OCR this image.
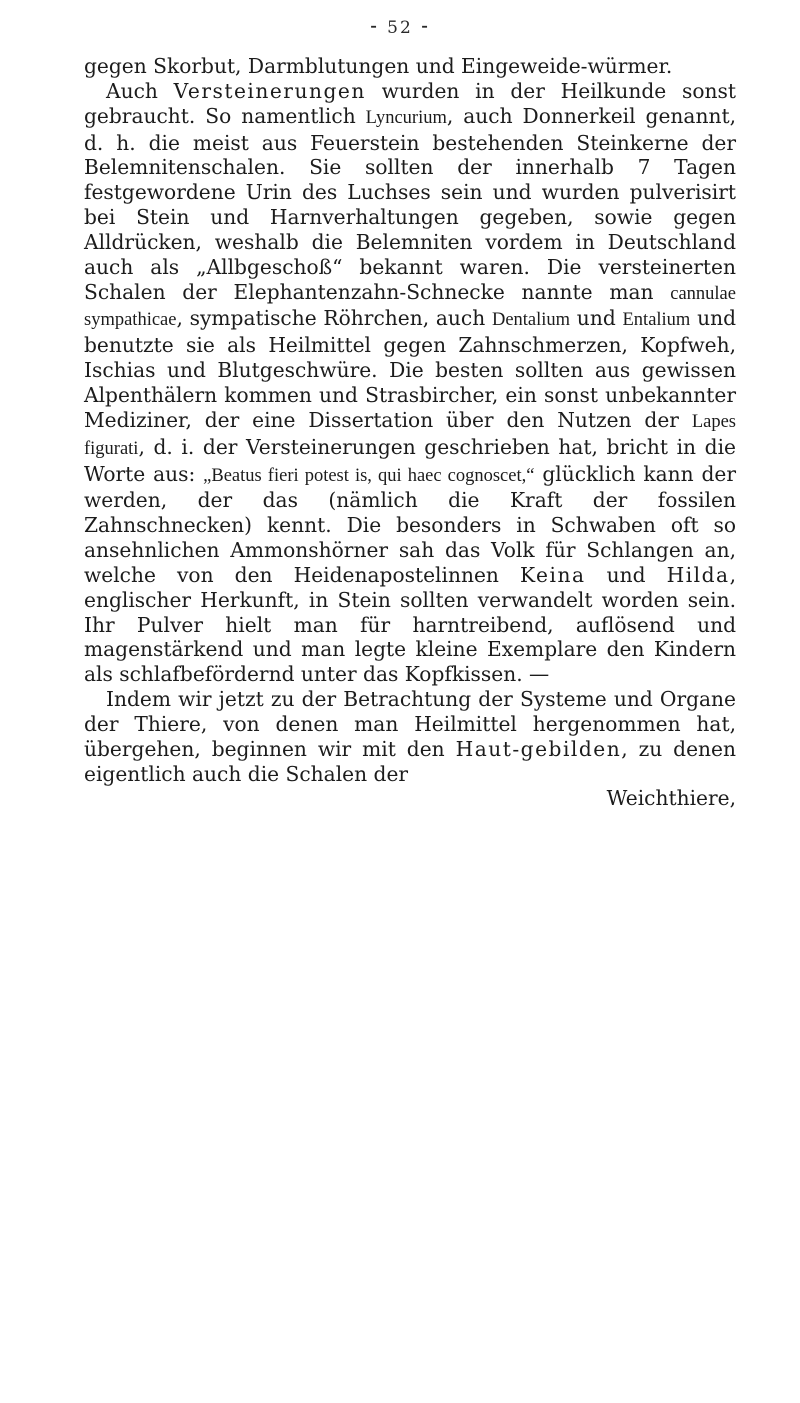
⁃ 52 ⁃

gegen Skorbut, Darmblutungen und Eingeweide-würmer.

Auch Versteinerungen wurden in der Heilkunde sonst gebraucht. So namentlich Lyncurium, auch Donnerkeil genannt, d. h. die meist aus Feuerstein bestehenden Steinkerne der Belemnitenschalen. Sie sollten der innerhalb 7 Tagen festgewordene Urin des Luchses sein und wurden pulverisirt bei Stein und Harnverhaltungen gegeben, sowie gegen Alldrücken, weshalb die Belemniten vordem in Deutschland auch als „Allbgeschoß“ bekannt waren. Die versteinerten Schalen der Elephantenzahn-Schnecke nannte man cannulae sympathicae, sympatische Röhrchen, auch Dentalium und Entalium und benutzte sie als Heilmittel gegen Zahnschmerzen, Kopfweh, Ischias und Blutgeschwüre. Die besten sollten aus gewissen Alpenthälern kommen und Strasbircher, ein sonst unbekannter Mediziner, der eine Dissertation über den Nutzen der Lapes figurati, d. i. der Versteinerungen geschrieben hat, bricht in die Worte aus: „Beatus fieri potest is, qui haec cognoscet,“ glücklich kann der werden, der das (nämlich die Kraft der fossilen Zahnschnecken) kennt. Die besonders in Schwaben oft so ansehnlichen Ammonshörner sah das Volk für Schlangen an, welche von den Heidenapostelinnen Keina und Hilda, englischer Herkunft, in Stein sollten verwandelt worden sein. Ihr Pulver hielt man für harntreibend, auflösend und magenstärkend und man legte kleine Exemplare den Kindern als schlafbefördernd unter das Kopfkissen. —

Indem wir jetzt zu der Betrachtung der Systeme und Organe der Thiere, von denen man Heilmittel hergenommen hat, übergehen, beginnen wir mit den Haut-gebilden, zu denen eigentlich auch die Schalen der

Weichthiere,
